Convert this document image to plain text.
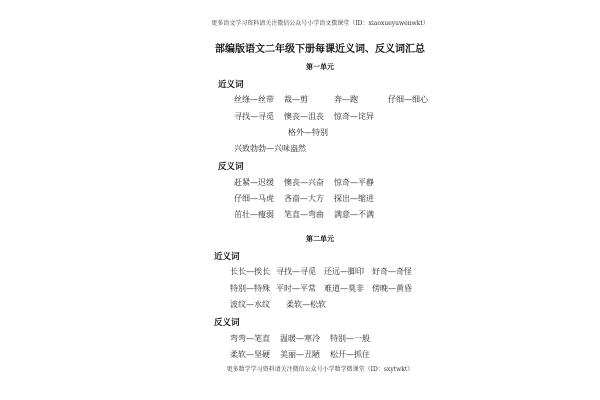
更多语文学习资料请关注微信公众号小学语文微课堂（ID：xiaoxueyuwenwkt）
部编版语文二年级下册每课近义词、反义词汇总
第一单元
近义词
丝绦—丝带	裁—剪	奔—跑	仔细—细心
寻找—寻觅	懊丧—沮丧	惊奇—诧异
格外—特别
兴致勃勃—兴味盎然
反义词
赶紧—迟缓	懊丧—兴奋	惊奇—平静
仔细—马虎	吝啬—大方	探出—缩进
茁壮—瘦弱	笔直—弯曲	满意—不满
第二单元
近义词
长长—挨长 寻找—寻觅	还远—脚印	好奇—奇怪
特别—特殊 平时—平常	难道—莫非	傍晚—黄昏
波纹—水纹	柔软—松软
反义词
弯弯—笔直	温暖—寒冷	特别—一般
柔软—坚硬	美丽—丑陋	松开—抓住
更多数学学习资料请关注微信公众号小学数学微课堂（ID：sxytwkt）
